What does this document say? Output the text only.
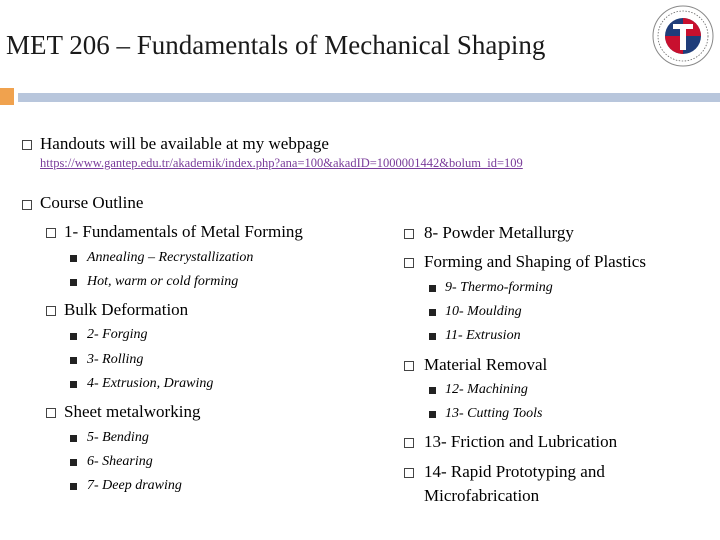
MET 206 – Fundamentals of Mechanical Shaping
Handouts will be available at my webpage
https://www.gantep.edu.tr/akademik/index.php?ana=100&akadID=1000001442&bolum_id=109
Course Outline
1- Fundamentals of Metal Forming
Annealing – Recrystallization
Hot, warm or cold forming
Bulk Deformation
2- Forging
3- Rolling
4- Extrusion, Drawing
Sheet metalworking
5- Bending
6- Shearing
7- Deep drawing
8- Powder Metallurgy
Forming and Shaping of Plastics
9- Thermo-forming
10- Moulding
11- Extrusion
Material Removal
12- Machining
13- Cutting Tools
13- Friction and Lubrication
14- Rapid Prototyping and
Microfabrication
